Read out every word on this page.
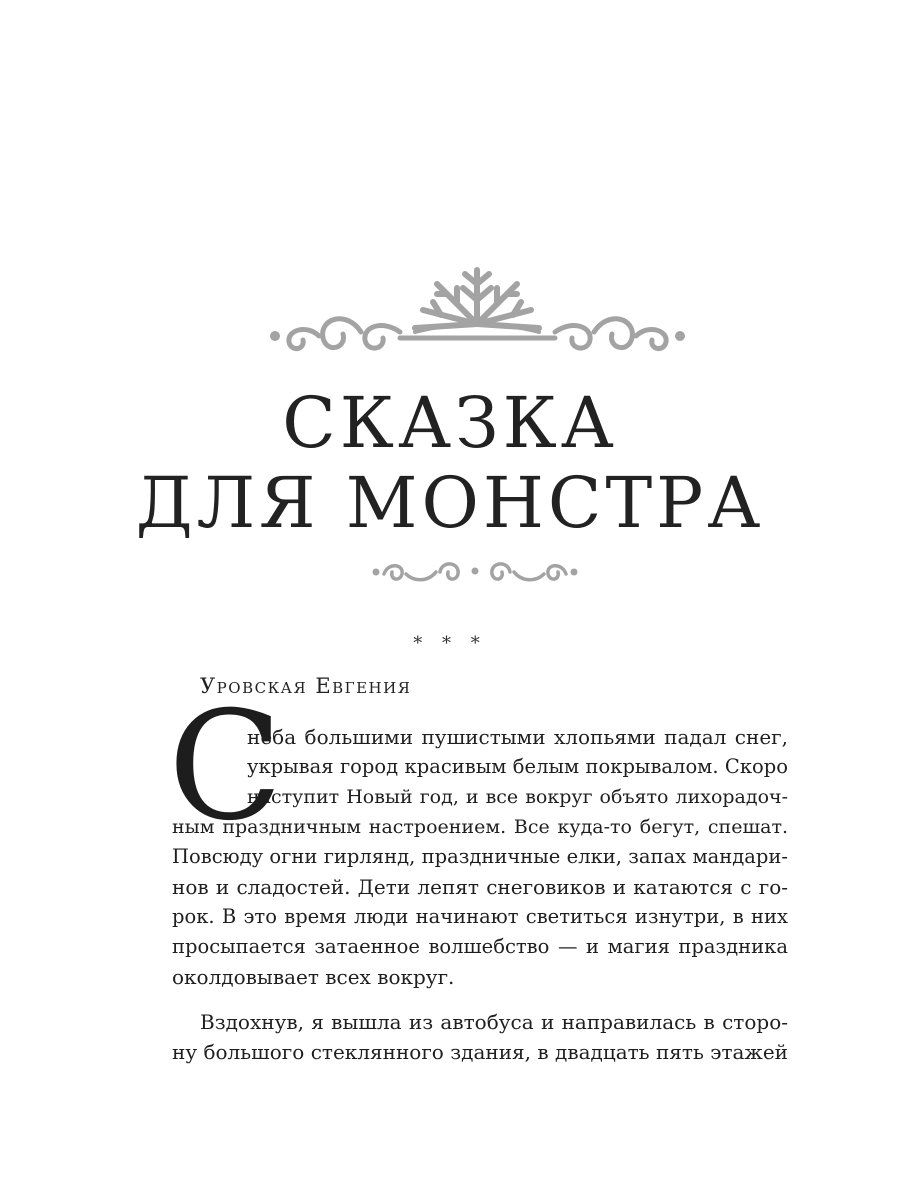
СКАЗКА
ДЛЯ МОНСТРА
* * *
Уровская Евгения
С
неба большими пушистыми хлопьями падал снег,
укрывая город красивым белым покрывалом. Скоро
наступит Новый год, и все вокруг объято лихорадоч-
ным праздничным настроением. Все куда-то бегут, спешат.
Повсюду огни гирлянд, праздничные елки, запах мандари-
нов и сладостей. Дети лепят снеговиков и катаются с го-
рок. В это время люди начинают светиться изнутри, в них
просыпается затаенное волшебство — и магия праздника
околдовывает всех вокруг.
Вздохнув, я вышла из автобуса и направилась в сторо-
ну большого стеклянного здания, в двадцать пять этажей
